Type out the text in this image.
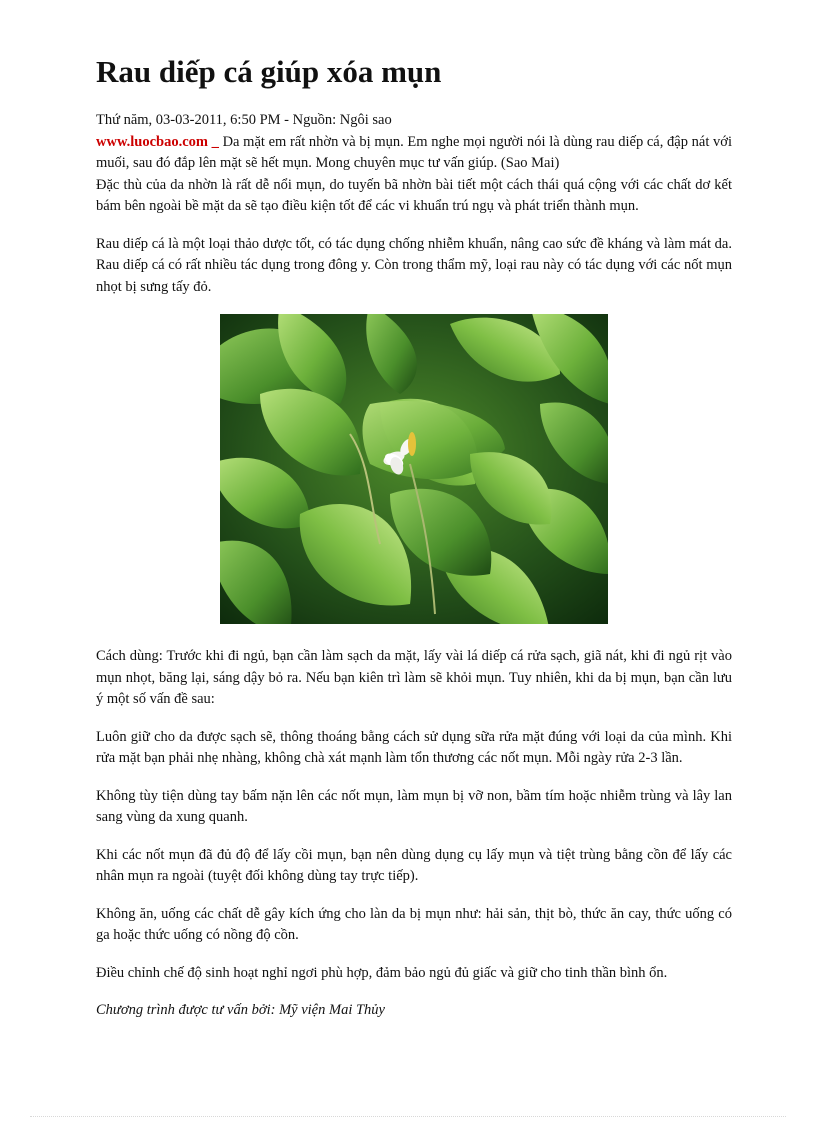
Rau diếp cá giúp xóa mụn

Thứ năm, 03-03-2011, 6:50 PM - Nguồn: Ngôi sao

www.luocbao.com _ Da mặt em rất nhờn và bị mụn. Em nghe mọi người nói là dùng rau diếp cá, đập nát với muối, sau đó đắp lên mặt sẽ hết mụn. Mong chuyên mục tư vấn giúp. (Sao Mai)

Đặc thù của da nhờn là rất dễ nổi mụn, do tuyến bã nhờn bài tiết một cách thái quá cộng với các chất dơ kết bám bên ngoài bề mặt da sẽ tạo điều kiện tốt để các vi khuẩn trú ngụ và phát triển thành mụn.

Rau diếp cá là một loại thảo dược tốt, có tác dụng chống nhiễm khuẩn, nâng cao sức đề kháng và làm mát da. Rau diếp cá có rất nhiều tác dụng trong đông y. Còn trong thẩm mỹ, loại rau này có tác dụng với các nốt mụn nhọt bị sưng tấy đỏ.

Cách dùng: Trước khi đi ngủ, bạn cần làm sạch da mặt, lấy vài lá diếp cá rửa sạch, giã nát, khi đi ngủ rịt vào mụn nhọt, băng lại, sáng dậy bỏ ra. Nếu bạn kiên trì làm sẽ khỏi mụn. Tuy nhiên, khi da bị mụn, bạn cần lưu ý một số vấn đề sau:

Luôn giữ cho da được sạch sẽ, thông thoáng bằng cách sử dụng sữa rửa mặt đúng với loại da của mình. Khi rửa mặt bạn phải nhẹ nhàng, không chà xát mạnh làm tổn thương các nốt mụn. Mỗi ngày rửa 2-3 lần.

Không tùy tiện dùng tay bấm nặn lên các nốt mụn, làm mụn bị vỡ non, bầm tím hoặc nhiễm trùng và lây lan sang vùng da xung quanh.

Khi các nốt mụn đã đủ độ để lấy cồi mụn, bạn nên dùng dụng cụ lấy mụn và tiệt trùng bằng cồn để lấy các nhân mụn ra ngoài (tuyệt đối không dùng tay trực tiếp).

Không ăn, uống các chất dễ gây kích ứng cho làn da bị mụn như: hải sản, thịt bò, thức ăn cay, thức uống có ga hoặc thức uống có nồng độ cồn.

Điều chỉnh chế độ sinh hoạt nghỉ ngơi phù hợp, đảm bảo ngủ đủ giấc và giữ cho tinh thần bình ổn.

Chương trình được tư vấn bởi: Mỹ viện Mai Thủy
